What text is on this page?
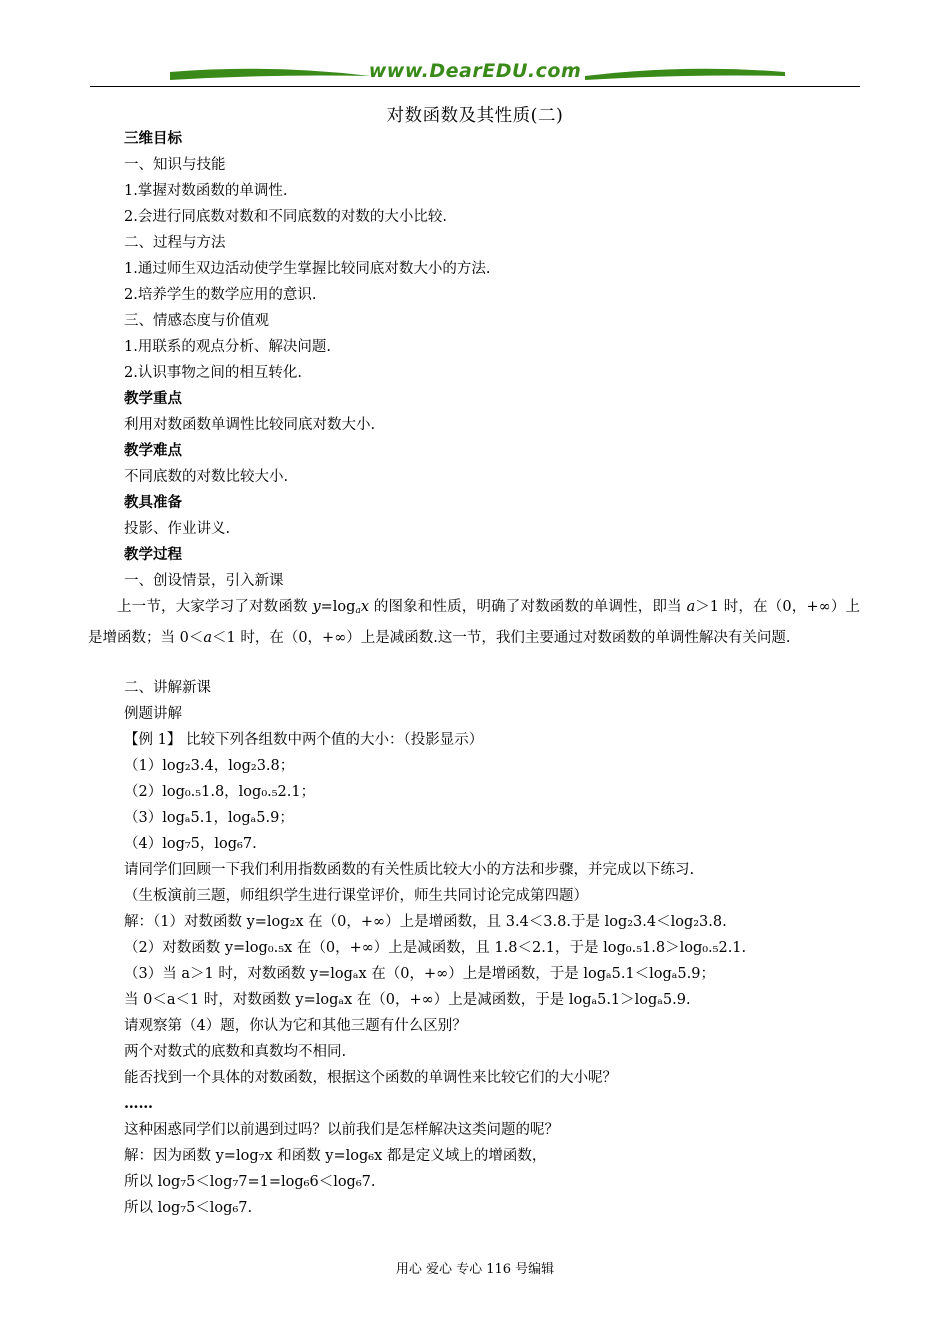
www.DearEDU.com
对数函数及其性质(二)
三维目标
一、知识与技能
1.掌握对数函数的单调性.
2.会进行同底数对数和不同底数的对数的大小比较.
二、过程与方法
1.通过师生双边活动使学生掌握比较同底对数大小的方法.
2.培养学生的数学应用的意识.
三、情感态度与价值观
1.用联系的观点分析、解决问题.
2.认识事物之间的相互转化.
教学重点
利用对数函数单调性比较同底对数大小.
教学难点
不同底数的对数比较大小.
教具准备
投影、作业讲义.
教学过程
一、创设情景，引入新课
上一节，大家学习了对数函数 $y=\log_ax$ 的图象和性质，明确了对数函数的单调性，即当 a＞1 时，在（0，+∞）上是增函数；当 0＜a＜1 时，在（0，+∞）上是减函数.这一节，我们主要通过对数函数的单调性解决有关问题.
二、讲解新课
例题讲解
【例 1】 比较下列各组数中两个值的大小：（投影显示）
（1）log₂3.4，log₂3.8；
（2）log₀.₅1.8，log₀.₅2.1；
（3）logₐ5.1，logₐ5.9；
（4）log₇5，log₆7.
请同学们回顾一下我们利用指数函数的有关性质比较大小的方法和步骤，并完成以下练习.
（生板演前三题，师组织学生进行课堂评价，师生共同讨论完成第四题）
解：（1）对数函数 y=log₂x 在（0，+∞）上是增函数，且 3.4＜3.8.于是 log₂3.4＜log₂3.8.
（2）对数函数 y=log₀.₅x 在（0，+∞）上是减函数，且 1.8＜2.1，于是 log₀.₅1.8＞log₀.₅2.1.
（3）当 a＞1 时，对数函数 y=logₐx 在（0，+∞）上是增函数，于是 logₐ5.1＜logₐ5.9；
当 0＜a＜1 时，对数函数 y=logₐx 在（0，+∞）上是减函数，于是 logₐ5.1＞logₐ5.9.
请观察第（4）题，你认为它和其他三题有什么区别？
两个对数式的底数和真数均不相同.
能否找到一个具体的对数函数，根据这个函数的单调性来比较它们的大小呢？
……
这种困惑同学们以前遇到过吗？以前我们是怎样解决这类问题的呢？
解：因为函数 y=log₇x 和函数 y=log₆x 都是定义域上的增函数，
所以 log₇5＜log₇7=1=log₆6＜log₆7.
所以 log₇5＜log₆7.
用心 爱心 专心 116 号编辑
